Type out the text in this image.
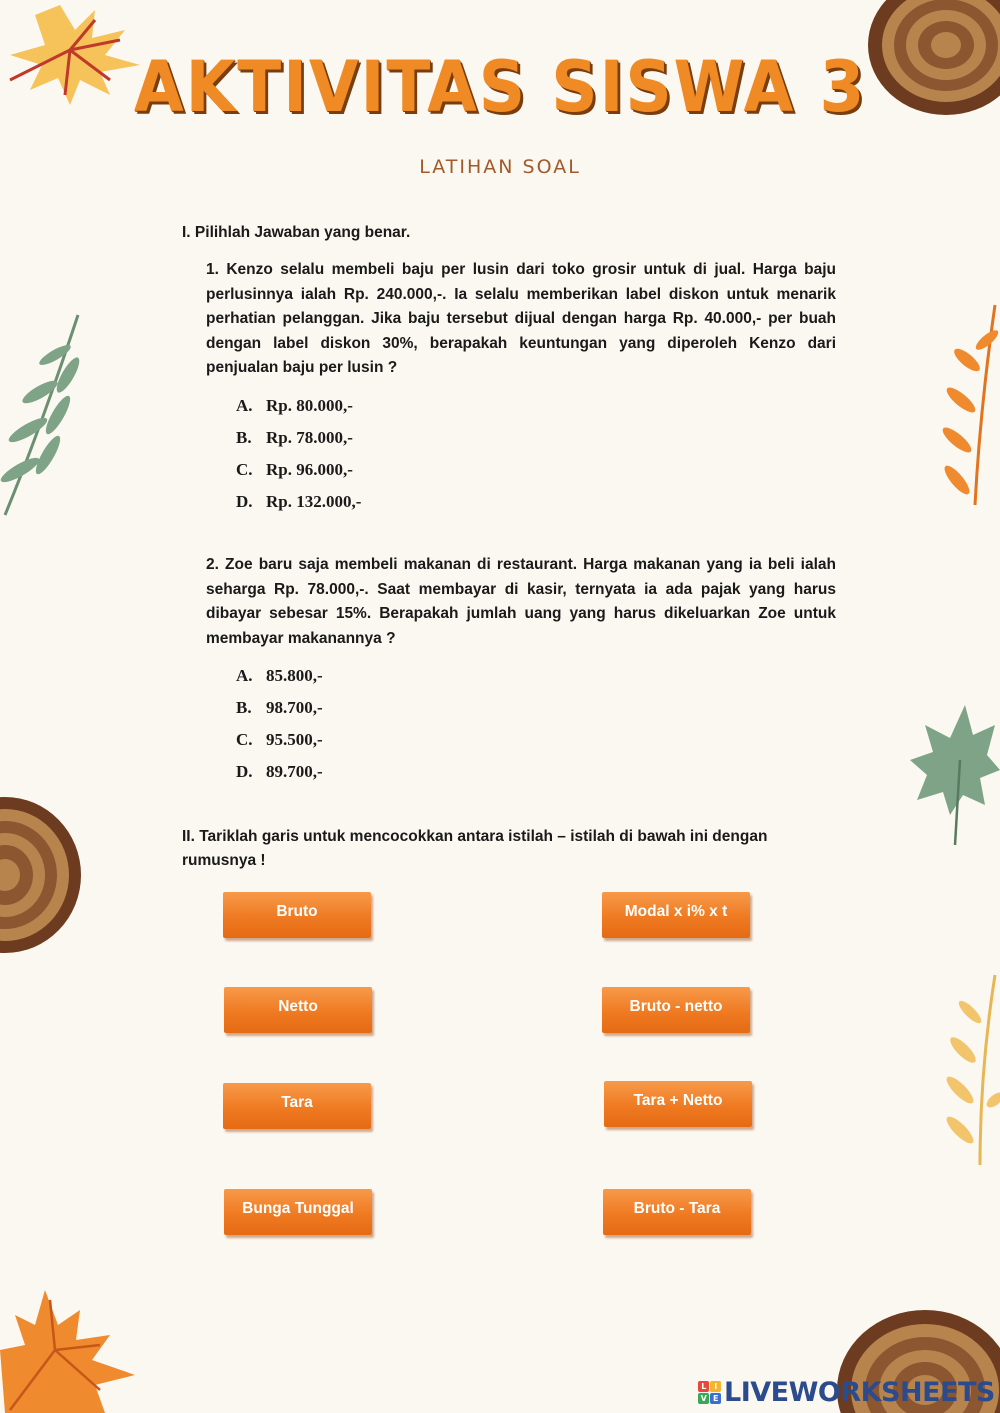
AKTIVITAS SISWA 3
LATIHAN SOAL
I. Pilihlah Jawaban yang benar.
1. Kenzo selalu membeli baju per lusin dari toko grosir untuk di jual. Harga baju perlusinnya ialah Rp. 240.000,-. Ia selalu memberikan label diskon untuk menarik perhatian pelanggan. Jika baju tersebut dijual dengan harga Rp. 40.000,- per buah dengan label diskon 30%, berapakah keuntungan yang diperoleh Kenzo dari penjualan baju per lusin ?
A. Rp. 80.000,-
B. Rp. 78.000,-
C. Rp. 96.000,-
D. Rp. 132.000,-
2. Zoe baru saja membeli makanan di restaurant. Harga makanan yang ia beli ialah seharga Rp. 78.000,-. Saat membayar di kasir, ternyata ia ada pajak yang harus dibayar sebesar 15%. Berapakah jumlah uang yang harus dikeluarkan Zoe untuk membayar makanannya ?
A. 85.800,-
B. 98.700,-
C. 95.500,-
D. 89.700,-
II. Tariklah garis untuk mencocokkan antara istilah – istilah di bawah ini dengan rumusnya !
Bruto
Netto
Tara
Bunga Tunggal
Modal x i% x t
Bruto - netto
Tara + Netto
Bruto - Tara
L	I
V E LIVEWORKSHEETS
